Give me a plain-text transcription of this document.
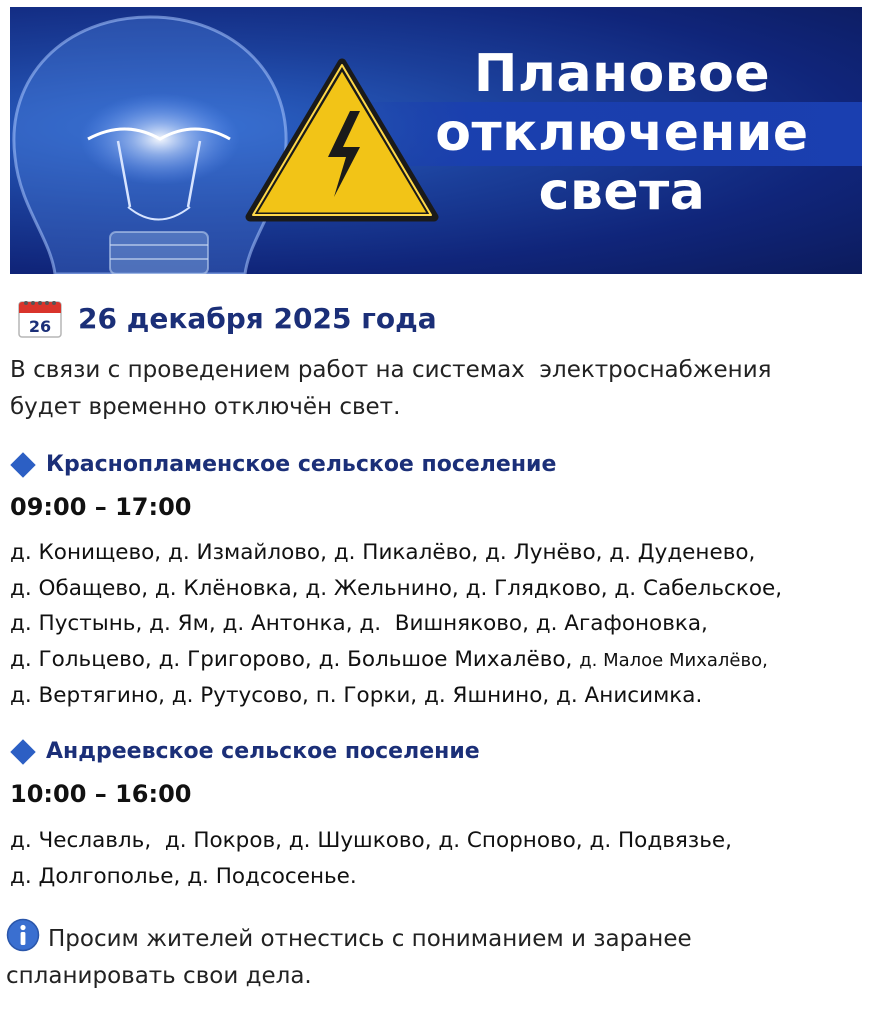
Плановое
отключение
света
26 26 декабря 2025 года
В связи с проведением работ на системах  электроснабжения
будет временно отключён свет.
Краснопламенское сельское поселение
09:00 – 17:00
д. Конищево, д. Измайлово, д. Пикалёво, д. Лунёво, д. Дуденево,
д. Обащево, д. Клёновка, д. Жельнино, д. Глядково, д. Сабельское,
д. Пустынь, д. Ям, д. Антонка, д.  Вишняково, д. Агафоновка,
д. Гольцево, д. Григорово, д. Большое Михалёво, д. Малое Михалёво,
д. Вертягино, д. Рутусово, п. Горки, д. Яшнино, д. Анисимка.
Андреевское сельское поселение
10:00 – 16:00
д. Чеславль,  д. Покров, д. Шушково, д. Спорново, д. Подвязье,
д. Долгополье, д. Подсосенье.
Просим жителей отнестись с пониманием и заранее
спланировать свои дела.
